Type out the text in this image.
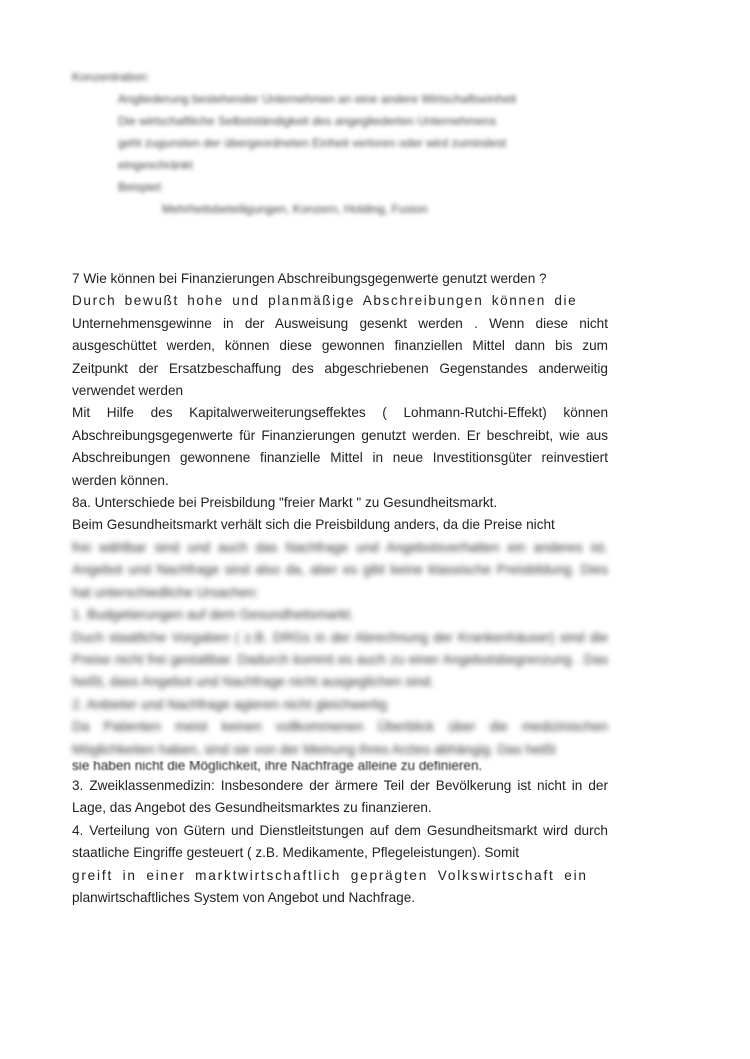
Konzentration:
Angliederung bestehender Unternehmen an eine andere Wirtschaftseinheit
Die wirtschaftliche Selbstständigkeit des angegliederten Unternehmens
geht zugunsten der übergeordneten Einheit verloren oder wird zumindest
eingeschränkt
Beispiel:
Mehrheitsbeteiligungen, Konzern, Holding, Fusion

7 Wie können bei Finanzierungen Abschreibungsgegenwerte genutzt werden ?

Durch bewußt hohe und planmäßige Abschreibungen können die

Unternehmensgewinne in der Ausweisung gesenkt werden . Wenn diese nicht ausgeschüttet werden, können diese gewonnen finanziellen Mittel dann bis zum Zeitpunkt der Ersatzbeschaffung des abgeschriebenen Gegenstandes anderweitig verwendet werden

Mit Hilfe des Kapitalwerweiterungseffektes ( Lohmann-Rutchi-Effekt) können Abschreibungsgegenwerte für Finanzierungen genutzt werden. Er beschreibt, wie aus Abschreibungen gewonnene finanzielle Mittel in neue Investitionsgüter reinvestiert werden können.

8a. Unterschiede bei Preisbildung "freier Markt " zu Gesundheitsmarkt.

Beim Gesundheitsmarkt verhält sich die Preisbildung anders, da die Preise nicht

frei wählbar sind und auch das Nachfrage und Angebotsverhalten ein anderes ist. Angebot und Nachfrage sind also da, aber es gibt keine klassische Preisbildung. Dies hat unterschiedliche Ursachen:

1. Budgetierungen auf dem Gesundheitsmarkt.

Duch staatliche Vorgaben ( z.B. DRGs in der Abrechnung der Krankenhäuser) sind die Preise nicht frei gestaltbar. Dadurch kommt es auch zu einer Angebotsbegrenzung . Das heißt, dass Angebot und Nachfrage nicht ausgeglichen sind.

2. Anbieter und Nachfrage agieren nicht gleichwertig

Da Patienten meist keinen vollkommenen Überblick über die medizinischen Möglichkeiten haben, sind sie von der Meinung ihres Arztes abhängig. Das heißt

sie haben nicht die Möglichkeit, ihre Nachfrage alleine zu definieren.

3. Zweiklassenmedizin: Insbesondere der ärmere Teil der Bevölkerung ist nicht in der Lage, das Angebot des Gesundheitsmarktes zu finanzieren.

4. Verteilung von Gütern und Dienstleitstungen auf dem Gesundheitsmarkt wird durch staatliche Eingriffe gesteuert ( z.B. Medikamente, Pflegeleistungen). Somit

greift in einer marktwirtschaftlich geprägten Volkswirtschaft ein

planwirtschaftliches System von Angebot und Nachfrage.
